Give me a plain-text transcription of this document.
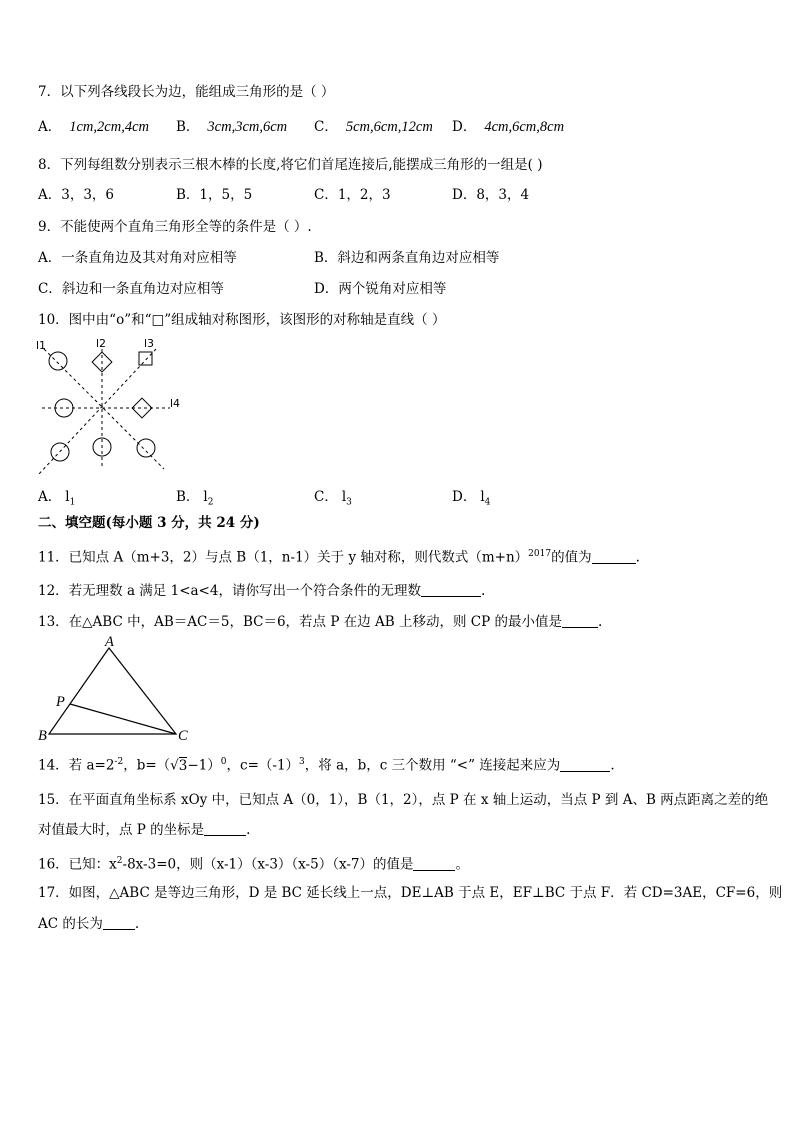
7．以下列各线段长为边，能组成三角形的是（ ）
A． 1cm,2cm,4cm B． 3cm,3cm,6cm C． 5cm,6cm,12cm D． 4cm,6cm,8cm
8．下列每组数分别表示三根木棒的长度,将它们首尾连接后,能摆成三角形的一组是( )
A．3，3，6	B．1，5，5	C．1，2，3	D．8，3，4
9．不能使两个直角三角形全等的条件是（ ）.
A．一条直角边及其对角对应相等	B．斜边和两条直角边对应相等
C．斜边和一条直角边对应相等	D．两个锐角对应相等
10．图中由“o”和“□”组成轴对称图形，该图形的对称轴是直线（ ）
l1	l2	l3
l4
A． $l_1$	B． $l_2$	C． $l_3$	D． $l_4$
二、填空题(每小题 3 分，共 24 分)
11．已知点 A（m+3，2）与点 B（1，n-1）关于 y 轴对称，则代数式$(m+n)^{2017}$的值为	.
12．若无理数 a 满足 1<a<4，请你写出一个符合条件的无理数	.
13．在△ABC 中，AB＝AC＝5，BC＝6，若点 P 在边 AB 上移动，则 CP 的最小值是	.
A
B	C
P
14．若 $a=2^{-2}$，$b=(√3-1)^0$，$c=(-1)^3$，将 a，b，c 三个数用 “<” 连接起来应为	.
15．在平面直角坐标系 xOy 中，已知点 A（0，1），B（1，2），点 P 在 x 轴上运动，当点 P 到 A、B 两点距离之差的绝
对值最大时，点 P 的坐标是	.
16．已知：$x^2-8x-3=0$，则（x-1）（x-3）（x-5）（x-7）的值是	。
17．如图，△ABC 是等边三角形，D 是 BC 延长线上一点，DE⊥AB 于点 E，EF⊥BC 于点 F．若 CD=3AE，CF=6，则
AC 的长为 .
